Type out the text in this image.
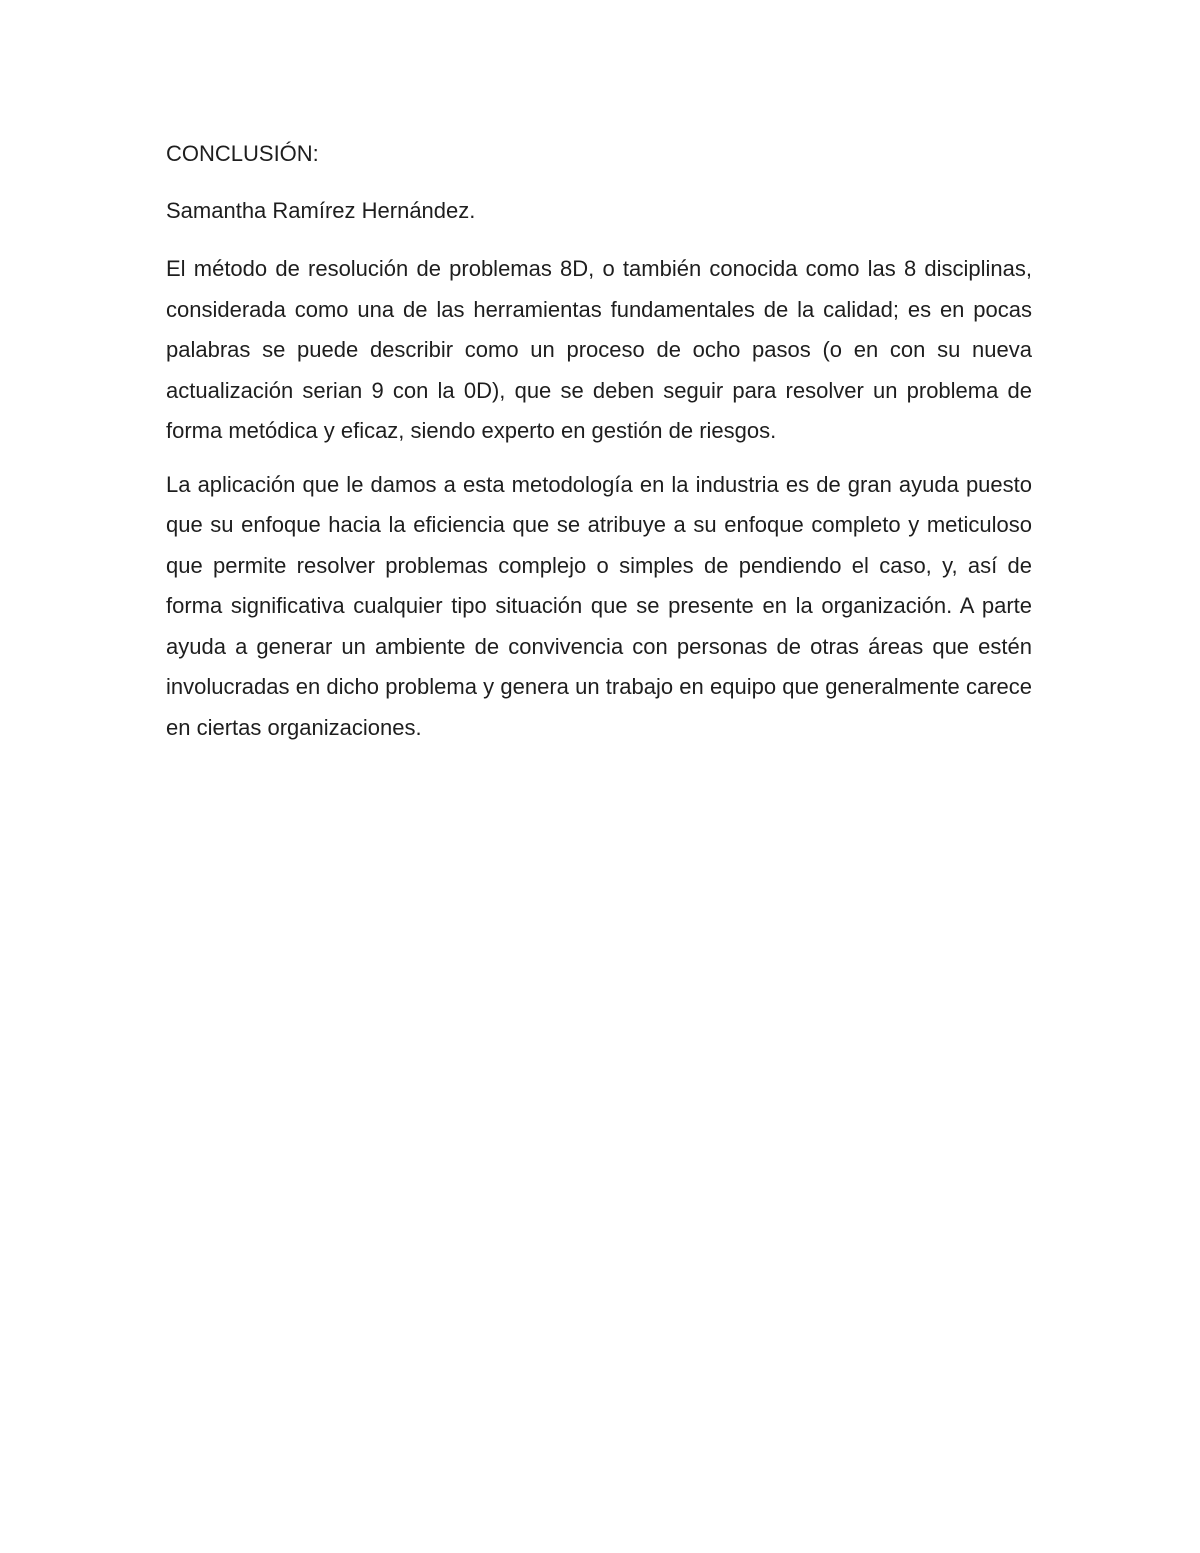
CONCLUSIÓN:

Samantha Ramírez Hernández.

El método de resolución de problemas 8D, o también conocida como las 8 disciplinas, considerada como una de las herramientas fundamentales de la calidad; es en pocas palabras se puede describir como un proceso de ocho pasos (o en con su nueva actualización serian 9 con la 0D), que se deben seguir para resolver un problema de forma metódica y eficaz, siendo experto en gestión de riesgos.

La aplicación que le damos a esta metodología en la industria es de gran ayuda puesto que su enfoque hacia la eficiencia que se atribuye a su enfoque completo y meticuloso que permite resolver problemas complejo o simples de pendiendo el caso, y, así de forma significativa cualquier tipo situación que se presente en la organización. A parte ayuda a generar un ambiente de convivencia con personas de otras áreas que estén involucradas en dicho problema y genera un trabajo en equipo que generalmente carece en ciertas organizaciones.
